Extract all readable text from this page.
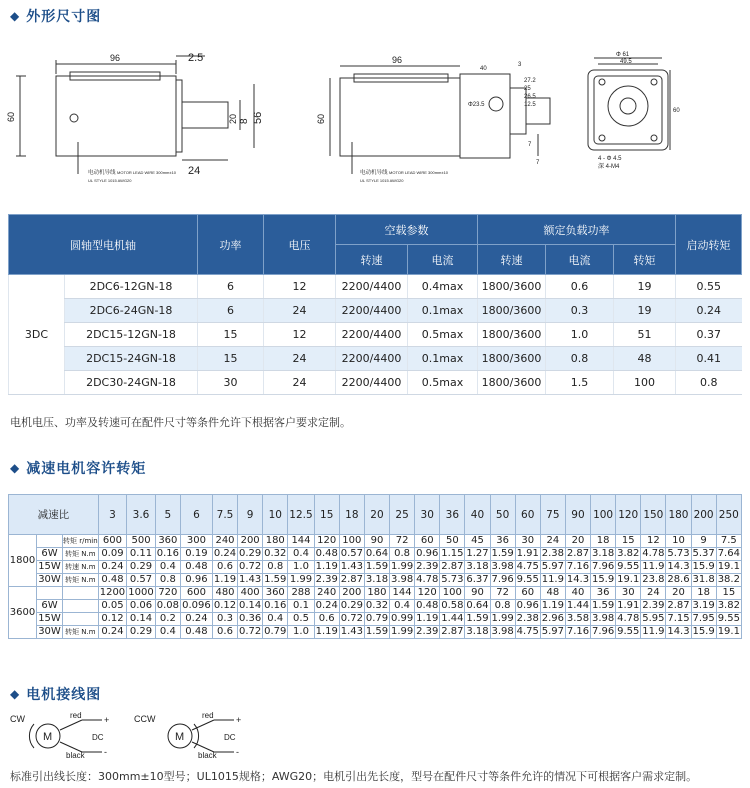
◆ 外形尺寸图
96	2.5
60	20 8 56
24
电动机导线 MOTOR LEAD WIRE 300mm±10
UL STYLE 1015 AWG20
96
40
3
27.2
25
26.5
12.5
60
Φ23.5
7
7
电动机导线 MOTOR LEAD WIRE 300mm±10
UL STYLE 1015 AWG20
Φ 61
49.5
4 - Φ 4.5
深 4-M4
60
圆轴型电机轴		功率	电压	空载参数		额定负载功率			启动转矩
				转速	电流	转速	电流	转矩	
3DC	2DC6-12GN-18	6	12	2200/4400	0.4max	1800/3600	0.6	19	0.55
	2DC6-24GN-18	6	24	2200/4400	0.1max	1800/3600	0.3	19	0.24
	2DC15-12GN-18	15	12	2200/4400	0.5max	1800/3600	1.0	51	0.37
	2DC15-24GN-18	15	24	2200/4400	0.1max	1800/3600	0.8	48	0.41
	2DC30-24GN-18	30	24	2200/4400	0.5max	1800/3600	1.5	100	0.8
电机电压、功率及转速可在配件尺寸等条件允许下根据客户要求定制。
◆ 减速电机容许转矩
减速比			3	3.6	5	6	7.5	9	10	12.5	15	18	20	25	30	36	40	50	60	75	90	100	120	150	180	200	250
1800		转矩 r/min	600	500	360	300	240	200	180	144	120	100	90	72	60	50	45	36	30	24	20	18	15	12	10	9	7.5
	6W	转矩 N.m	0.09	0.11	0.16	0.19	0.24	0.29	0.32	0.4	0.48	0.57	0.64	0.8	0.96	1.15	1.27	1.59	1.91	2.38	2.87	3.18	3.82	4.78	5.73	5.37	7.64
	15W	转速 N.m	0.24	0.29	0.4	0.48	0.6	0.72	0.8	1.0	1.19	1.43	1.59	1.99	2.39	2.87	3.18	3.98	4.75	5.97	7.16	7.96	9.55	11.9	14.3	15.9	19.1
	30W	转矩 N.m	0.48	0.57	0.8	0.96	1.19	1.43	1.59	1.99	2.39	2.87	3.18	3.98	4.78	5.73	6.37	7.96	9.55	11.9	14.3	15.9	19.1	23.8	28.6	31.8	38.2
3600			1200	1000	720	600	480	400	360	288	240	200	180	144	120	100	90	72	60	48	40	36	30	24	20	18	15
	6W		0.05	0.06	0.08	0.096	0.12	0.14	0.16	0.1	0.24	0.29	0.32	0.4	0.48	0.58	0.64	0.8	0.96	1.19	1.44	1.59	1.91	2.39	2.87	3.19	3.82
	15W		0.12	0.14	0.2	0.24	0.3	0.36	0.4	0.5	0.6	0.72	0.79	0.99	1.19	1.44	1.59	1.99	2.38	2.96	3.58	3.98	4.78	5.95	7.15	7.95	9.55
	30W	转矩 N.m	0.24	0.29	0.4	0.48	0.6	0.72	0.79	1.0	1.19	1.43	1.59	1.99	2.39	2.87	3.18	3.98	4.75	5.97	7.16	7.96	9.55	11.9	14.3	15.9	19.1
◆ 电机接线图
CW
M
red +
DC
black -
CCW
M
red +
DC
black -
标准引出线长度：300mm±10型号；UL1015规格；AWG20；电机引出先长度，型号在配件尺寸等条件允许的情况下可根据客户需求定制。
